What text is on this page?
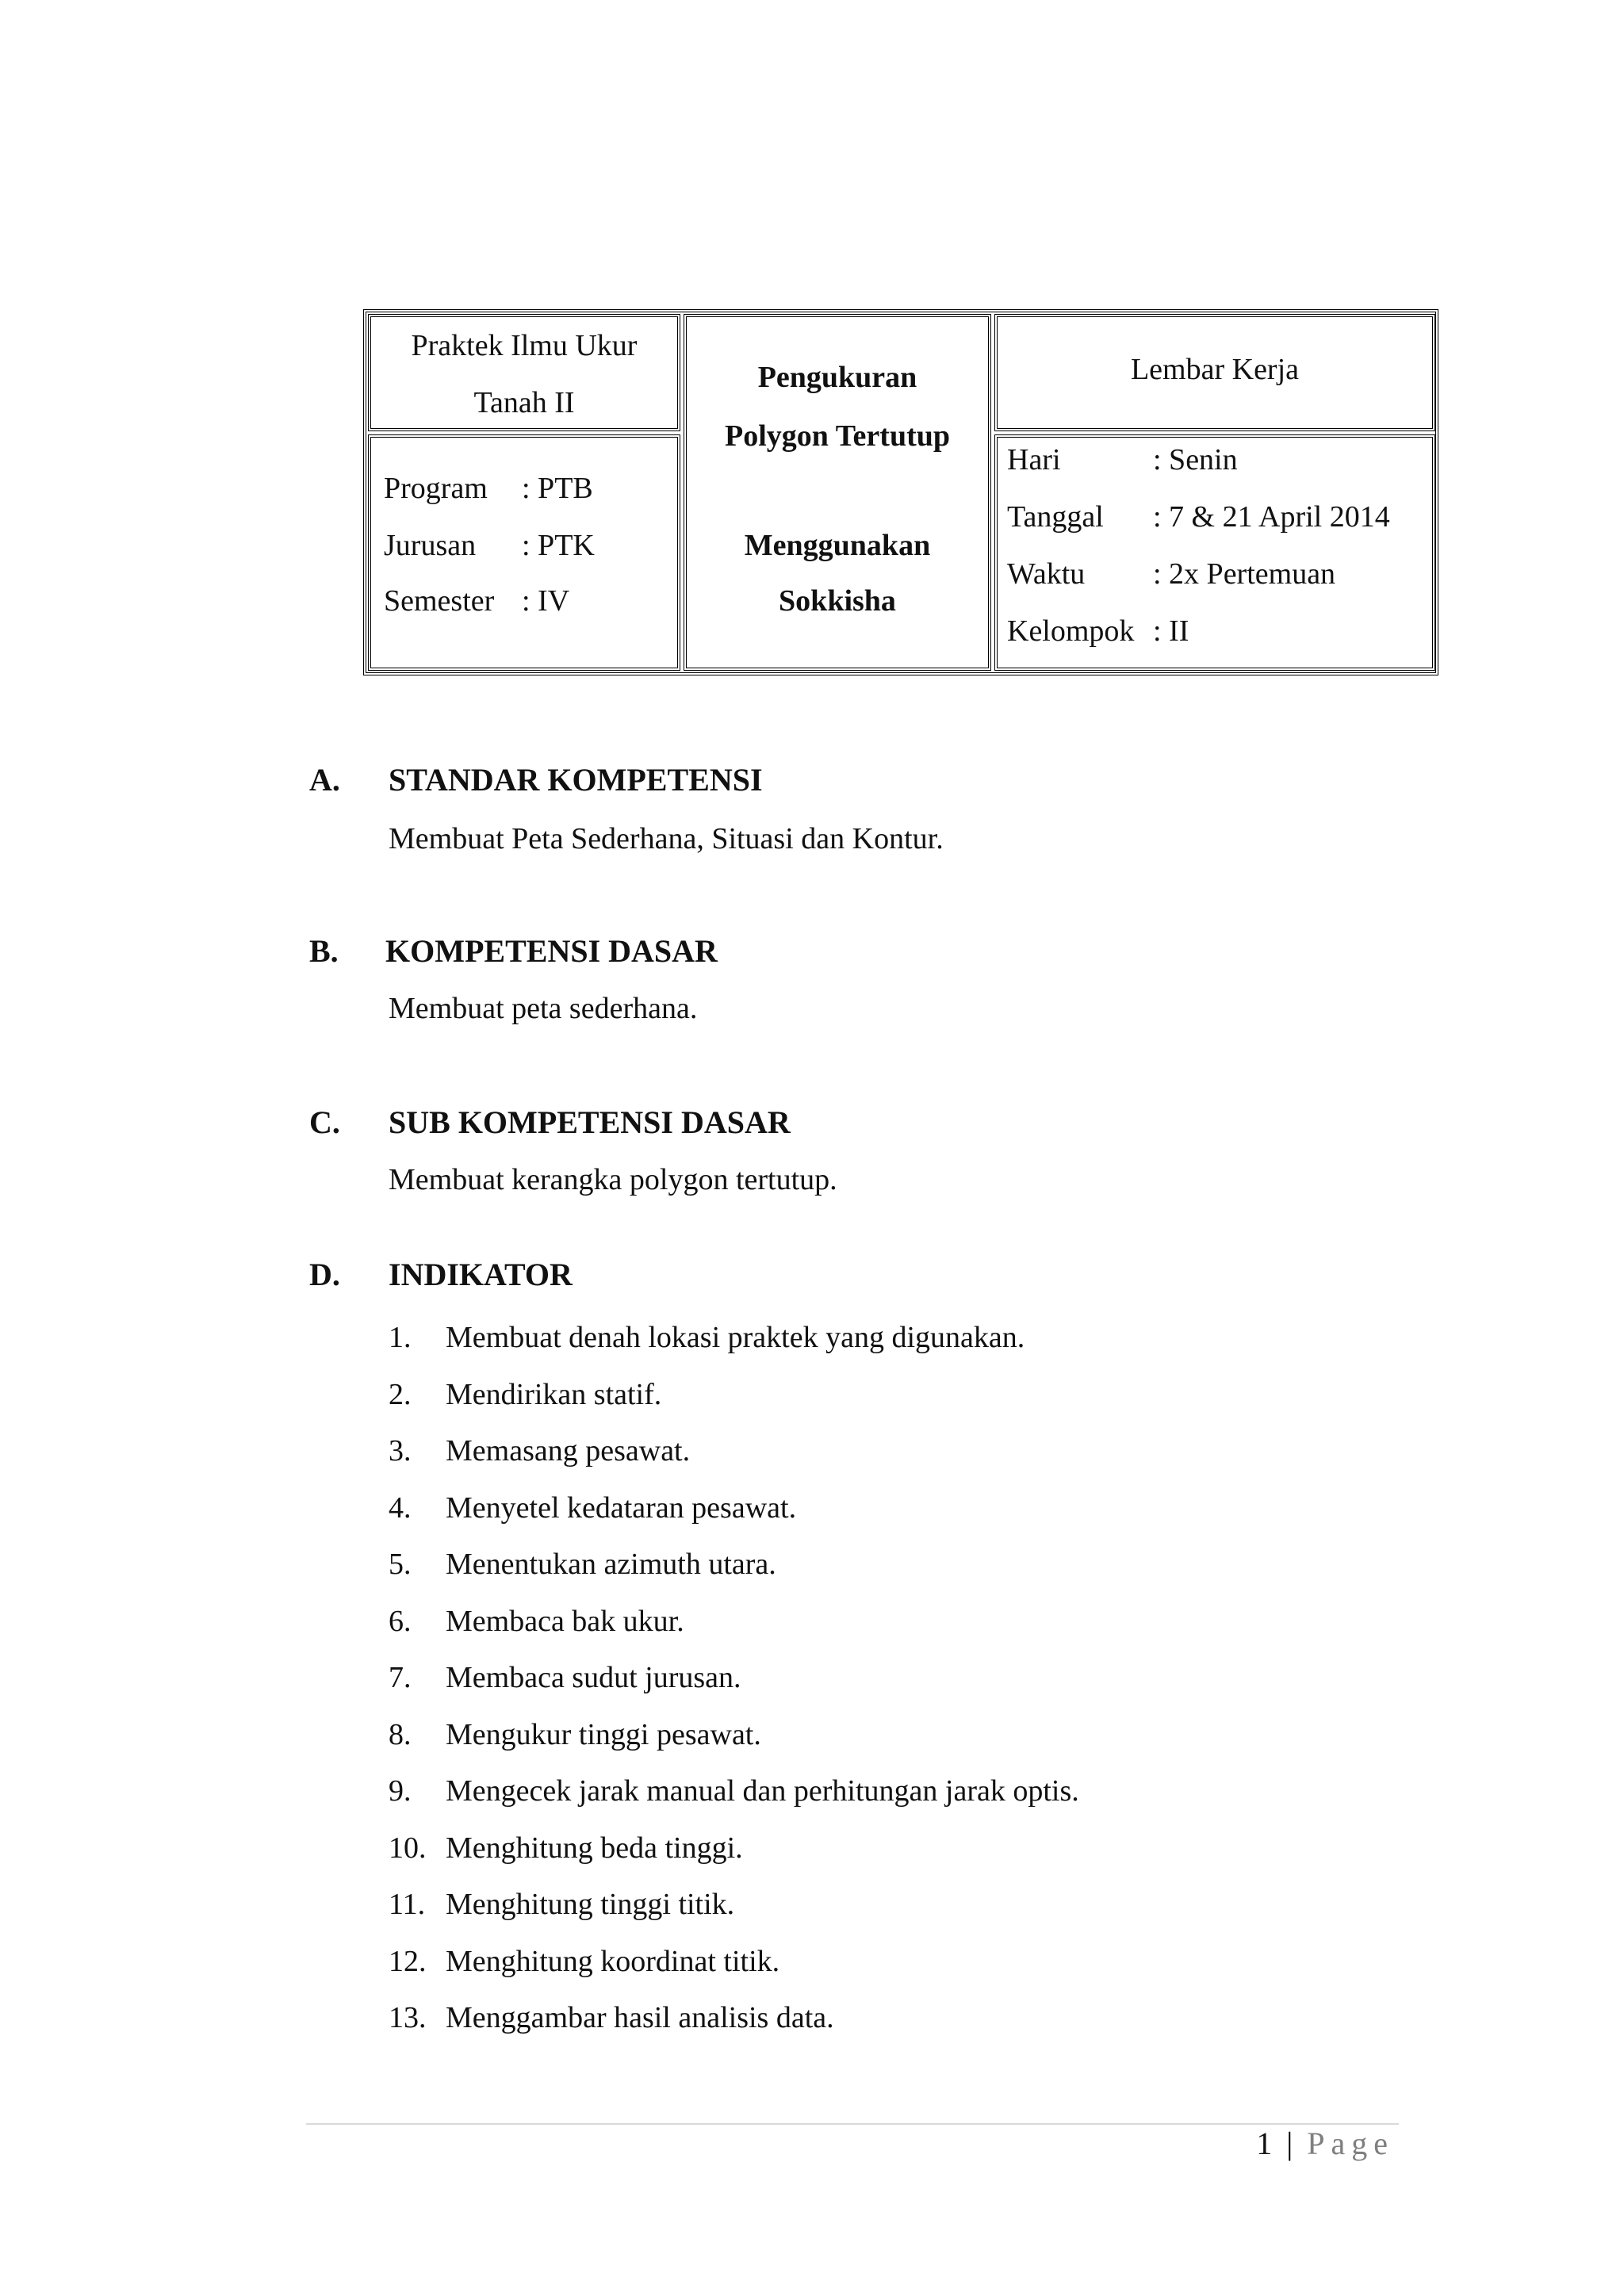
Praktek Ilmu Ukur
Tanah II
Program : PTB
Jurusan : PTK
Semester : IV
Pengukuran
Polygon Tertutup
Menggunakan
Sokkisha
Lembar Kerja
Hari	: Senin
Tanggal : 7 & 21 April 2014
Waktu : 2x Pertemuan
Kelompok : II
A. STANDAR KOMPETENSI
Membuat Peta Sederhana, Situasi dan Kontur.
B. KOMPETENSI DASAR
Membuat peta sederhana.
C. SUB KOMPETENSI DASAR
Membuat kerangka polygon tertutup.
D. INDIKATOR
1. Membuat denah lokasi praktek yang digunakan.
2. Mendirikan statif.
3. Memasang pesawat.
4. Menyetel kedataran pesawat.
5. Menentukan azimuth utara.
6. Membaca bak ukur.
7. Membaca sudut jurusan.
8. Mengukur tinggi pesawat.
9. Mengecek jarak manual dan perhitungan jarak optis.
10. Menghitung beda tinggi.
11. Menghitung tinggi titik.
12. Menghitung koordinat titik.
13. Menggambar hasil analisis data.
1 | Page
